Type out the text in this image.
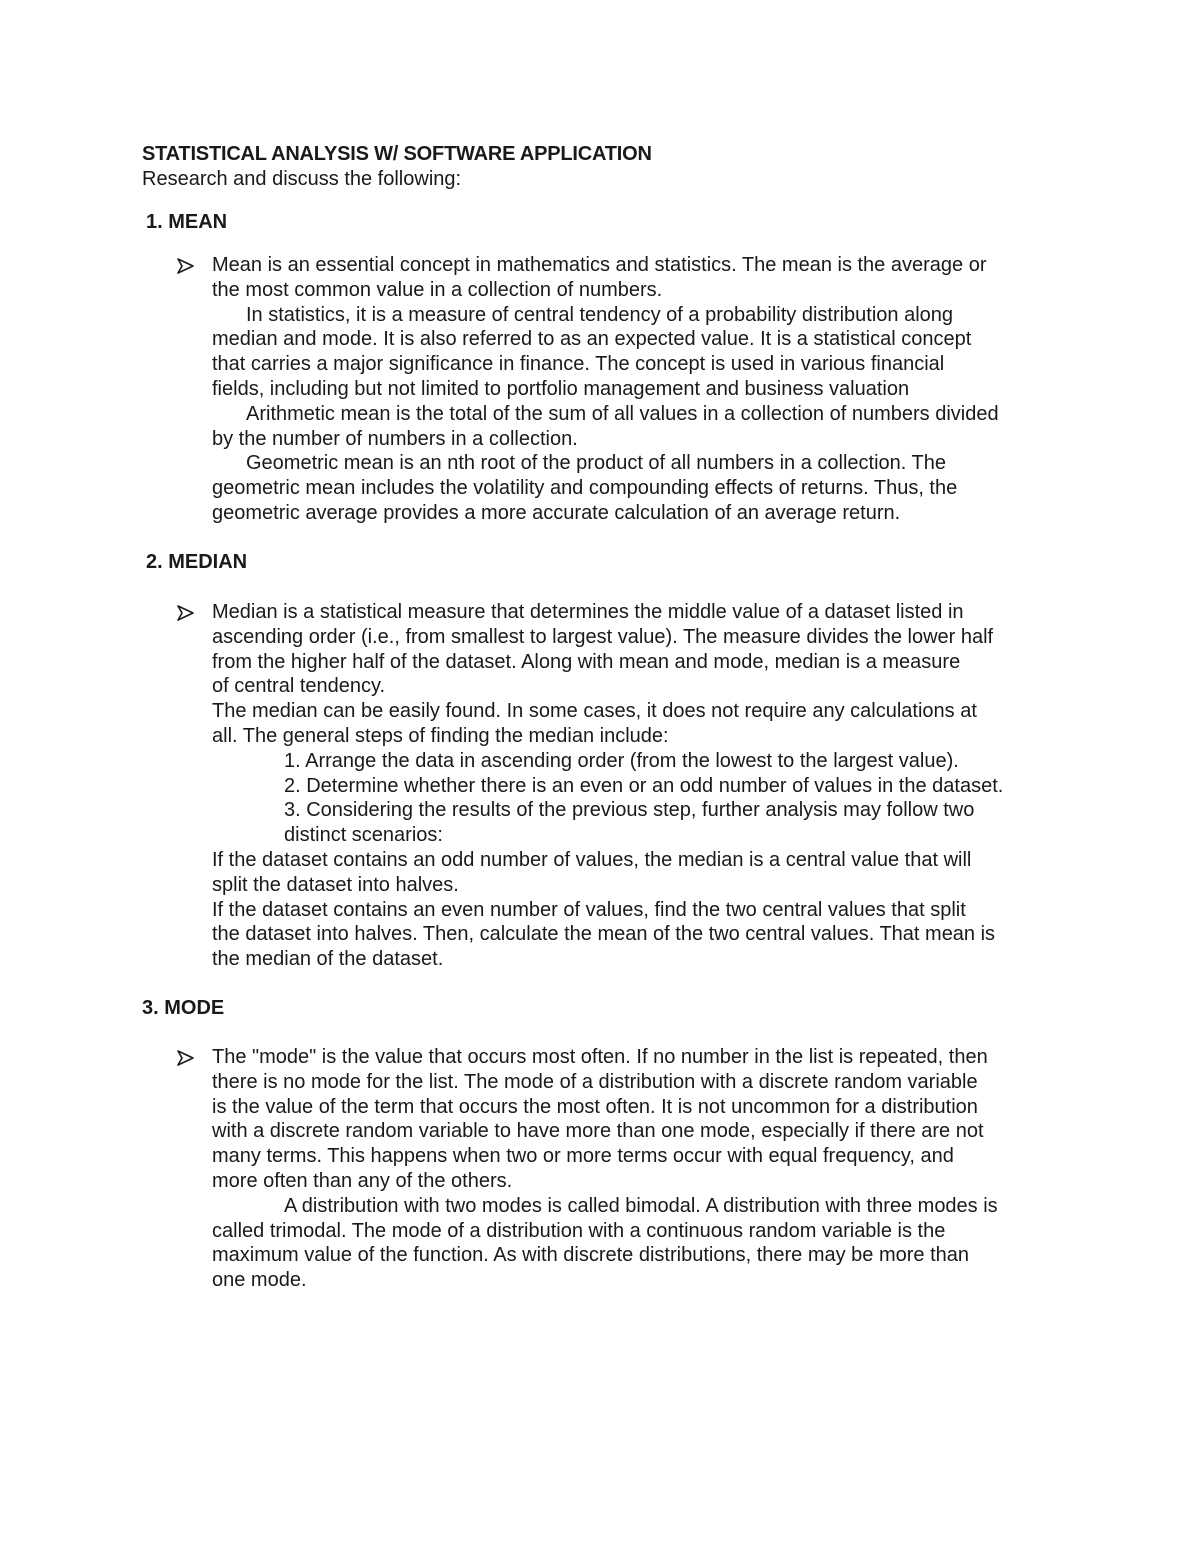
STATISTICAL ANALYSIS W/ SOFTWARE APPLICATION
Research and discuss the following:
1. MEAN
Mean is an essential concept in mathematics and statistics. The mean is the average or
the most common value in a collection of numbers.
In statistics, it is a measure of central tendency of a probability distribution along
median and mode. It is also referred to as an expected value. It is a statistical concept
that carries a major significance in finance. The concept is used in various financial
fields, including but not limited to portfolio management and business valuation
Arithmetic mean is the total of the sum of all values in a collection of numbers divided
by the number of numbers in a collection.
Geometric mean is an nth root of the product of all numbers in a collection. The
geometric mean includes the volatility and compounding effects of returns. Thus, the
geometric average provides a more accurate calculation of an average return.
2. MEDIAN
Median is a statistical measure that determines the middle value of a dataset listed in
ascending order (i.e., from smallest to largest value). The measure divides the lower half
from the higher half of the dataset. Along with mean and mode, median is a measure
of central tendency.
The median can be easily found. In some cases, it does not require any calculations at
all. The general steps of finding the median include:
1. Arrange the data in ascending order (from the lowest to the largest value).
2. Determine whether there is an even or an odd number of values in the dataset.
3. Considering the results of the previous step, further analysis may follow two
distinct scenarios:
If the dataset contains an odd number of values, the median is a central value that will
split the dataset into halves.
If the dataset contains an even number of values, find the two central values that split
the dataset into halves. Then, calculate the mean of the two central values. That mean is
the median of the dataset.
3. MODE
The "mode" is the value that occurs most often. If no number in the list is repeated, then
there is no mode for the list. The mode of a distribution with a discrete random variable
is the value of the term that occurs the most often. It is not uncommon for a distribution
with a discrete random variable to have more than one mode, especially if there are not
many terms. This happens when two or more terms occur with equal frequency, and
more often than any of the others.
A distribution with two modes is called bimodal. A distribution with three modes is
called trimodal. The mode of a distribution with a continuous random variable is the
maximum value of the function. As with discrete distributions, there may be more than
one mode.
